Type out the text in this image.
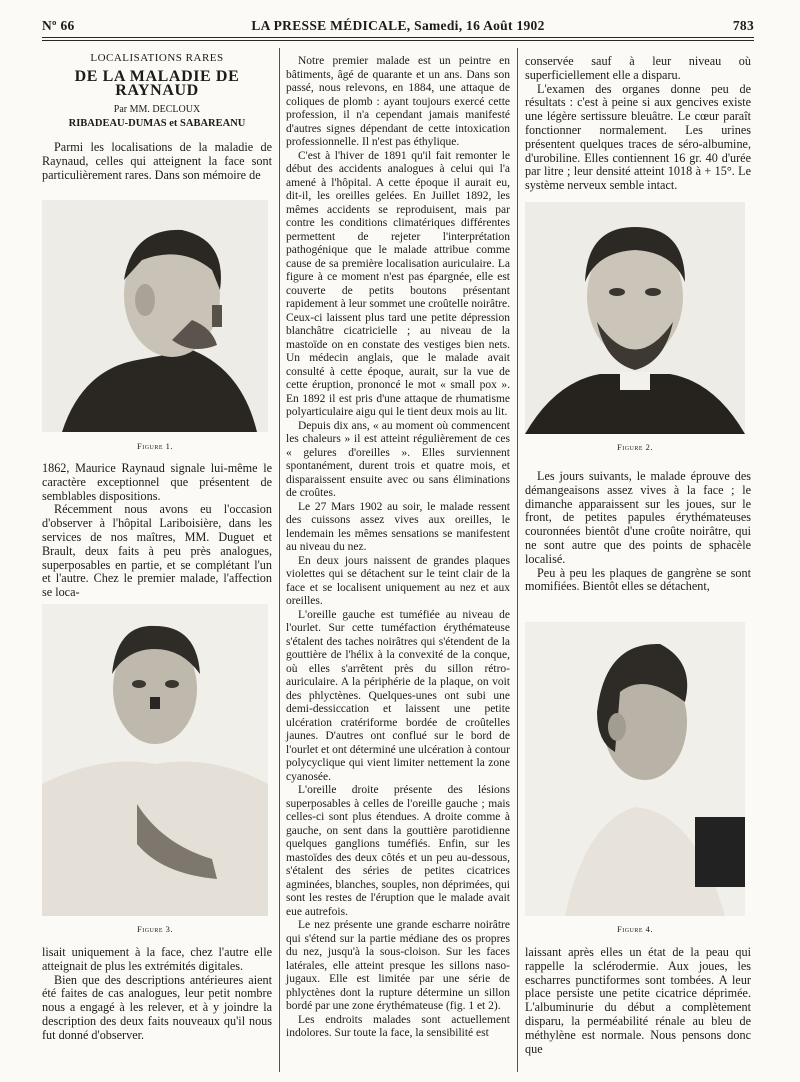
Nº 66	LA PRESSE MÉDICALE, Samedi, 16 Août 1902	783
LOCALISATIONS RARES
DE LA MALADIE DE RAYNAUD
Par MM. DECLOUX
RIBADEAU-DUMAS et SABAREANU

Parmi les localisations de la maladie de Raynaud, celles qui atteignent la face sont particulièrement rares. Dans son mémoire de

Figure 1.

1862, Maurice Raynaud signale lui-même le caractère exceptionnel que présentent de semblables dispositions.

Récemment nous avons eu l'occasion d'observer à l'hôpital Lariboisière, dans les services de nos maîtres, MM. Duguet et Brault, deux faits à peu près analogues, superposables en partie, et se complétant l'un et l'autre. Chez le premier malade, l'affection se loca-

Figure 3.

lisait uniquement à la face, chez l'autre elle atteignait de plus les extrémités digitales.

Bien que des descriptions antérieures aient été faites de cas analogues, leur petit nombre nous a engagé à les relever, et à y joindre la description des deux faits nouveaux qu'il nous fut donné d'observer.

Notre premier malade est un peintre en bâtiments, âgé de quarante et un ans. Dans son passé, nous relevons, en 1884, une attaque de coliques de plomb : ayant toujours exercé cette profession, il n'a cependant jamais manifesté d'autres signes dépendant de cette intoxication professionnelle. Il n'est pas éthylique.

C'est à l'hiver de 1891 qu'il fait remonter le début des accidents analogues à celui qui l'a amené à l'hôpital. A cette époque il aurait eu, dit-il, les oreilles gelées. En Juillet 1892, les mêmes accidents se reproduisent, mais par contre les conditions climatériques différentes permettent de rejeter l'interprétation pathogénique que le malade attribue comme cause de sa première localisation auriculaire. La figure à ce moment n'est pas épargnée, elle est couverte de petits boutons présentant rapidement à leur sommet une croûtelle noirâtre. Ceux-ci laissent plus tard une petite dépression blanchâtre cicatricielle ; au niveau de la mastoïde on en constate des vestiges bien nets. Un médecin anglais, que le malade avait consulté à cette époque, aurait, sur la vue de cette éruption, prononcé le mot « small pox ». En 1892 il est pris d'une attaque de rhumatisme polyarticulaire aigu qui le tient deux mois au lit.

Depuis dix ans, « au moment où commencent les chaleurs » il est atteint régulièrement de ces « gelures d'oreilles ». Elles surviennent spontanément, durent trois et quatre mois, et disparaissent ensuite avec ou sans éliminations de croûtes.

Le 27 Mars 1902 au soir, le malade ressent des cuissons assez vives aux oreilles, le lendemain les mêmes sensations se manifestent au niveau du nez.

En deux jours naissent de grandes plaques violettes qui se détachent sur le teint clair de la face et se localisent uniquement au nez et aux oreilles.

L'oreille gauche est tuméfiée au niveau de l'ourlet. Sur cette tuméfaction érythémateuse s'étalent des taches noirâtres qui s'étendent de la gouttière de l'hélix à la convexité de la conque, où elles s'arrêtent près du sillon rétro-auriculaire. A la périphérie de la plaque, on voit des phlyctènes. Quelques-unes ont subi une demi-dessiccation et laissent une petite ulcération cratériforme bordée de croûtelles jaunes. D'autres ont conflué sur le bord de l'ourlet et ont déterminé une ulcération à contour polycyclique qui vient limiter nettement la zone cyanosée.

L'oreille droite présente des lésions superposables à celles de l'oreille gauche ; mais celles-ci sont plus étendues. A droite comme à gauche, on sent dans la gouttière parotidienne quelques ganglions tuméfiés. Enfin, sur les mastoïdes des deux côtés et un peu au-dessous, s'étalent des séries de petites cicatrices agminées, blanches, souples, non déprimées, qui sont les restes de l'éruption que le malade avait eue autrefois.

Le nez présente une grande escharre noirâtre qui s'étend sur la partie médiane des os propres du nez, jusqu'à la sous-cloison. Sur les faces latérales, elle atteint presque les sillons naso-jugaux. Elle est limitée par une série de phlyctènes dont la rupture détermine un sillon bordé par une zone érythémateuse (fig. 1 et 2).

Les endroits malades sont actuellement indolores. Sur toute la face, la sensibilité est

conservée sauf à leur niveau où superficiellement elle a disparu.

L'examen des organes donne peu de résultats : c'est à peine si aux gencives existe une légère sertissure bleuâtre. Le cœur paraît fonctionner normalement. Les urines présentent quelques traces de séro-albumine, d'urobiline. Elles contiennent 16 gr. 40 d'urée par litre ; leur densité atteint 1018 à + 15°. Le système nerveux semble intact.

Figure 2.

Les jours suivants, le malade éprouve des démangeaisons assez vives à la face ; le dimanche apparaissent sur les joues, sur le front, de petites papules érythémateuses couronnées bientôt d'une croûte noirâtre, qui ne sont autre que des points de sphacèle localisé.

Peu à peu les plaques de gangrène se sont momifiées. Bientôt elles se détachent,

Figure 4.

laissant après elles un état de la peau qui rappelle la sclérodermie. Aux joues, les escharres punctiformes sont tombées. A leur place persiste une petite cicatrice déprimée. L'albuminurie du début a complètement disparu, la perméabilité rénale au bleu de méthylène est normale. Nous pensons donc que
